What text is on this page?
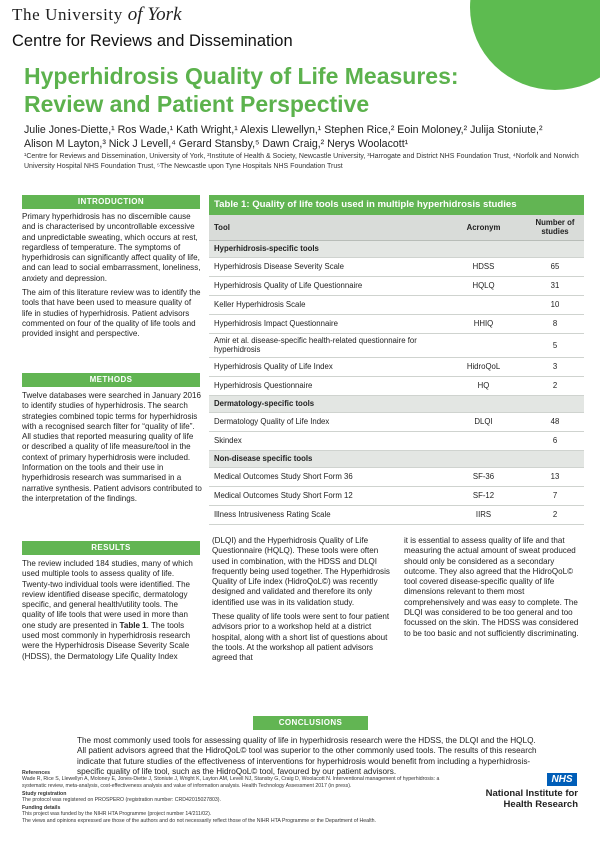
The University of York
Centre for Reviews and Dissemination
Hyperhidrosis Quality of Life Measures:
Review and Patient Perspective
Julie Jones-Diette,¹ Ros Wade,¹ Kath Wright,¹ Alexis Llewellyn,¹ Stephen Rice,² Eoin Moloney,² Julija Stoniute,²
Alison M Layton,³ Nick J Levell,⁴ Gerard Stansby,⁵ Dawn Craig,² Nerys Woolacott¹
¹Centre for Reviews and Dissemination, University of York, ²Institute of Health & Society, Newcastle University, ³Harrogate and District NHS Foundation Trust, ⁴Norfolk and Norwich University Hospital NHS Foundation Trust, ⁵The Newcastle upon Tyne Hospitals NHS Foundation Trust
INTRODUCTION

Primary hyperhidrosis has no discernible cause and is characterised by uncontrollable excessive and unpredictable sweating, which occurs at rest, regardless of temperature. The symptoms of hyperhidrosis can significantly affect quality of life, and can lead to social embarrassment, loneliness, anxiety and depression.

The aim of this literature review was to identify the tools that have been used to measure quality of life in studies of hyperhidrosis. Patient advisors commented on four of the quality of life tools and provided insight and perspective.

METHODS

Twelve databases were searched in January 2016 to identify studies of hyperhidrosis. The search strategies combined topic terms for hyperhidrosis with a recognised search filter for “quality of life”. All studies that reported measuring quality of life or described a quality of life measure/tool in the context of primary hyperhidrosis were included. Information on the tools and their use in hyperhidrosis research was summarised in a narrative synthesis. Patient advisors contributed to the interpretation of the findings.

RESULTS

The review included 184 studies, many of which used multiple tools to assess quality of life. Twenty-two individual tools were identified. The review identified disease specific, dermatology specific, and general health/utility tools. The quality of life tools that were used in more than one study are presented in Table 1. The tools used most commonly in hyperhidrosis research were the Hyperhidrosis Disease Severity Scale (HDSS), the Dermatology Life Quality Index

(DLQI) and the Hyperhidrosis Quality of Life Questionnaire (HQLQ). These tools were often used in combination, with the HDSS and DLQI frequently being used together. The Hyperhidrosis Quality of Life index (HidroQoL©) was recently designed and validated and therefore its only identified use was in its validation study.

These quality of life tools were sent to four patient advisors prior to a workshop held at a district hospital, along with a short list of questions about the tools. At the workshop all patient advisors agreed that

it is essential to assess quality of life and that measuring the actual amount of sweat produced should only be considered as a secondary outcome. They also agreed that the HidroQoL© tool covered disease-specific quality of life dimensions relevant to them most comprehensively and was easy to complete. The DLQI was considered to be too general and too focussed on the skin. The HDSS was considered to be too basic and not sufficiently discriminating.

Table 1: Quality of life tools used in multiple hyperhidrosis studies
Tool	Acronym	Number of
studies
Hyperhidrosis-specific tools		
Hyperhidrosis Disease Severity Scale	HDSS	65
Hyperhidrosis Quality of Life Questionnaire	HQLQ	31
Keller Hyperhidrosis Scale		10
Hyperhidrosis Impact Questionnaire	HHIQ	8
Amir et al. disease-specific health-related questionnaire for hyperhidrosis		5
Hyperhidrosis Quality of Life Index	HidroQoL	3
Hyperhidrosis Questionnaire	HQ	2
Dermatology-specific tools		
Dermatology Quality of Life Index	DLQI	48
Skindex		6
Non-disease specific tools		
Medical Outcomes Study Short Form 36	SF-36	13
Medical Outcomes Study Short Form 12	SF-12	7
Illness Intrusiveness Rating Scale	IIRS	2
CONCLUSIONS
The most commonly used tools for assessing quality of life in hyperhidrosis research were the HDSS, the DLQI and the HQLQ. All patient advisors agreed that the HidroQoL© tool was superior to the other commonly used tools. The results of this research indicate that future studies of the effectiveness of interventions for hyperhidrosis would benefit from including a hyperhidrosis-specific quality of life tool, such as the HidroQoL© tool, favoured by our patient advisors.

References
Wade R, Rice S, Llewellyn A, Moloney E, Jones-Diette J, Stoniute J, Wright K, Layton AM, Levell NJ, Stansby G, Craig D, Woolacott N. Interventional management of hyperhidrosis: a systematic review, meta-analysis, cost-effectiveness analysis and value of information analysis. Health Technology Assessment 2017 (in press).

Study registration
The protocol was registered on PROSPERO (registration number: CRD42015027803).

Funding details
This project was funded by the NIHR HTA Programme (project number 14/211/02).
The views and opinions expressed are those of the authors and do not necessarily reflect those of the NIHR HTA Programme or the Department of Health.

NHS
National Institute for
Health Research
